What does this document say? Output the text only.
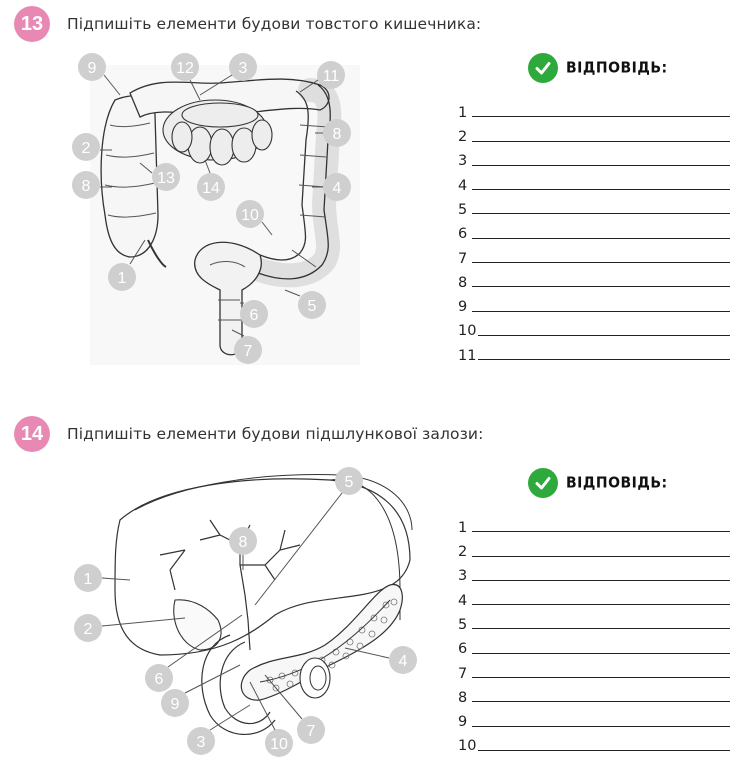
13	Підпишіть елементи будови товстого кишечника:
9	12	3	11
2
8	13
14
8
4
10
1
6
5
7
ВІДПОВІДЬ:
1
2
3
4
5
6
7
8
9
10
11
14	Підпишіть елементи будови підшлункової залози:
5
8
1
2
4
6
9
7
3	10
ВІДПОВІДЬ:
1
2
3
4
5
6
7
8
9
10
